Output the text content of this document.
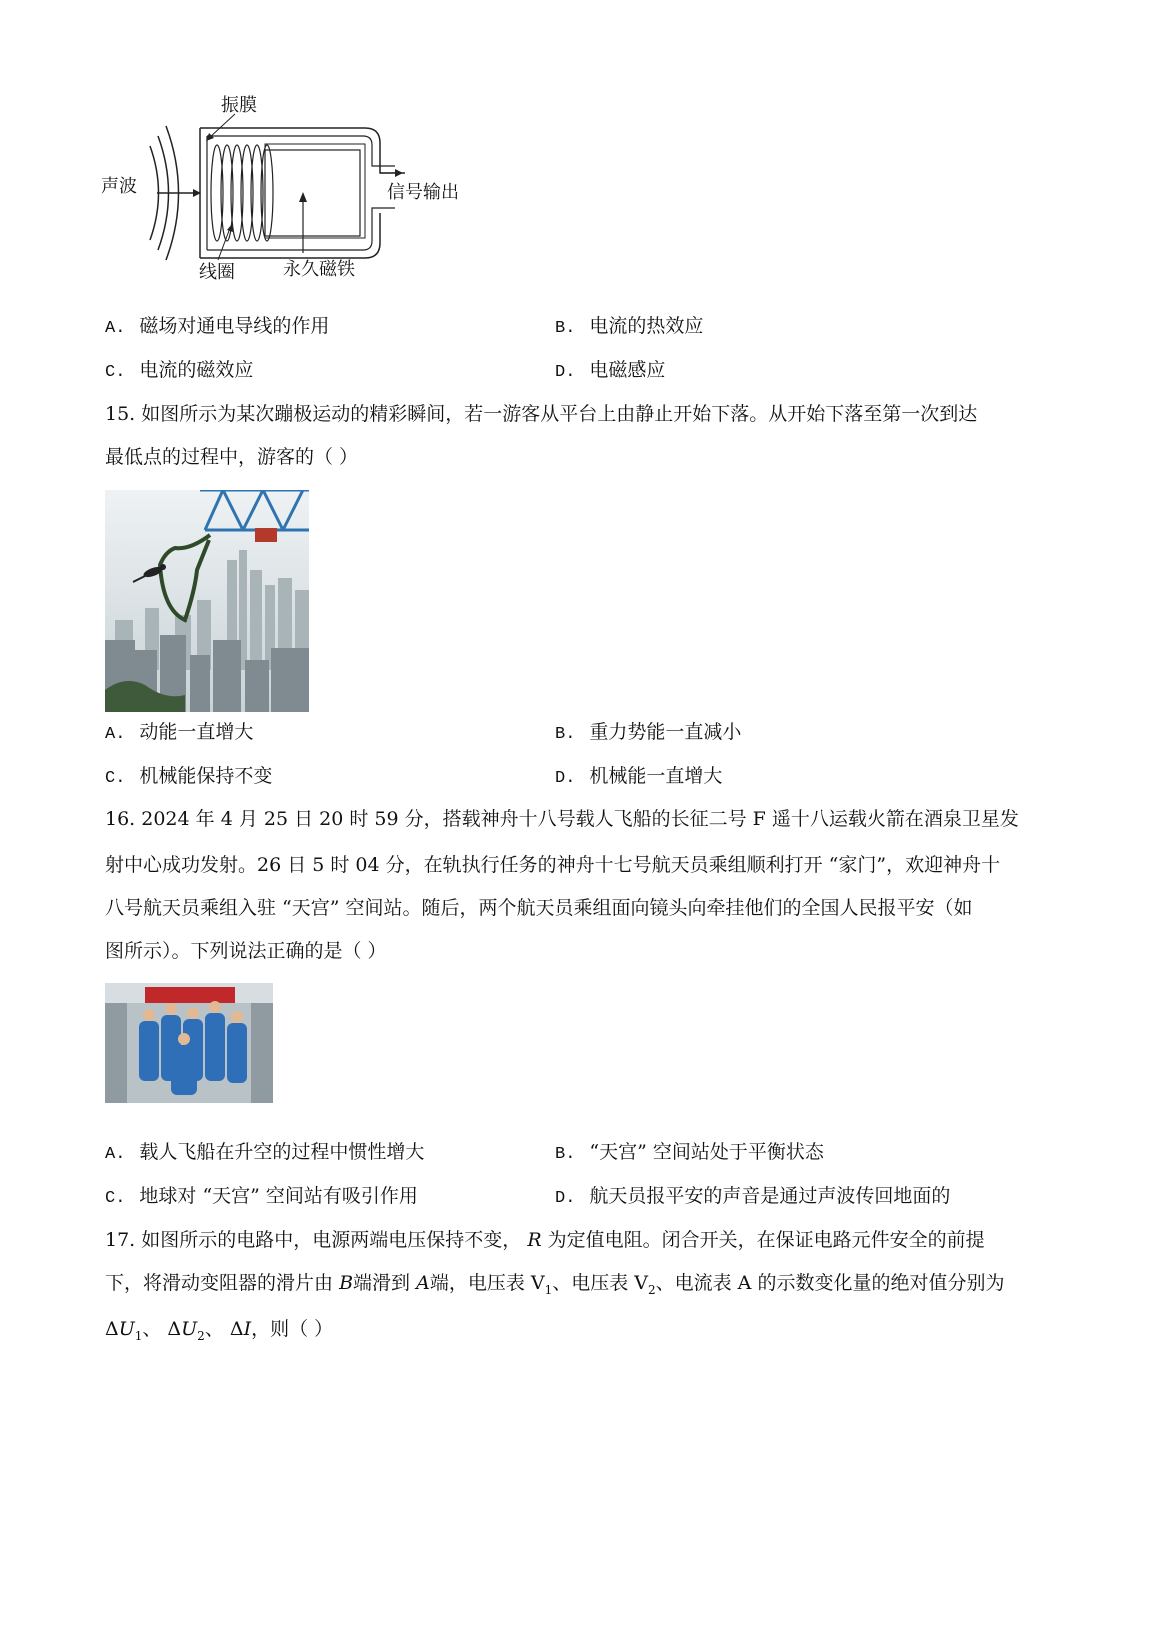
振膜
声波	信号输出
线圈	永久磁铁
A. 磁场对通电导线的作用	B. 电流的热效应
C. 电流的磁效应	D. 电磁感应
15. 如图所示为某次蹦极运动的精彩瞬间，若一游客从平台上由静止开始下落。从开始下落至第一次到达
最低点的过程中，游客的（ ）
A. 动能一直增大	B. 重力势能一直减小
C. 机械能保持不变	D. 机械能一直增大
16. 2024 年 4 月 25 日 20 时 59 分，搭载神舟十八号载人飞船的长征二号 F 遥十八运载火箭在酒泉卫星发
射中心成功发射。26 日 5 时 04 分，在轨执行任务的神舟十七号航天员乘组顺利打开 “家门”，欢迎神舟十
八号航天员乘组入驻 “天宫” 空间站。随后，两个航天员乘组面向镜头向牵挂他们的全国人民报平安（如
图所示）。下列说法正确的是（ ）
A. 载人飞船在升空的过程中惯性增大	B. “天宫” 空间站处于平衡状态
C. 地球对 “天宫” 空间站有吸引作用	D. 航天员报平安的声音是通过声波传回地面的
17. 如图所示的电路中，电源两端电压保持不变， R 为定值电阻。闭合开关，在保证电路元件安全的前提
下，将滑动变阻器的滑片由 B端滑到 A端，电压表 $V_1$、电压表 $V_2$、电流表 A 的示数变化量的绝对值分别为
$\Delta U_1$、 $\Delta U_2$、 ΔI，则（ ）
